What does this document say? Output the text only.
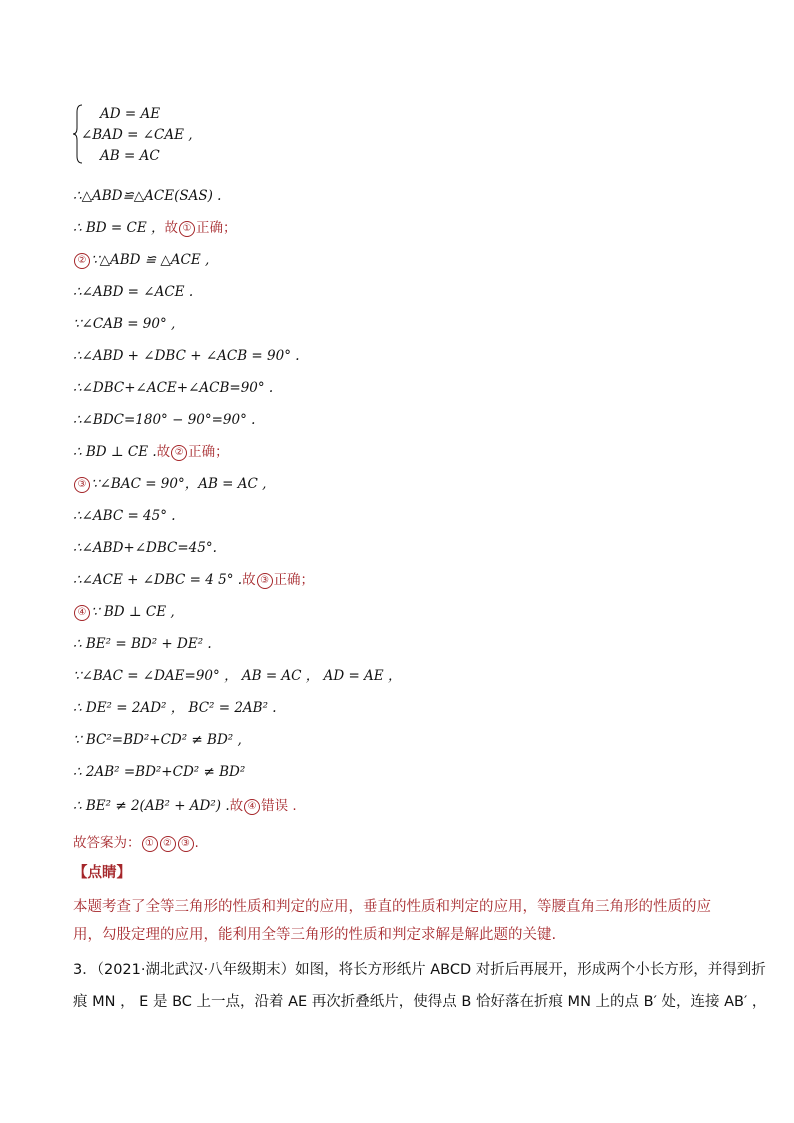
AD = AE
∠BAD = ∠CAE ,
AB = AC
∴△ABD≌△ACE(SAS) .
∴ BD = CE ，故 ① 正确；
② ∵△ABD ≌ △ACE ,
∴∠ABD = ∠ACE .
∵∠CAB = 90° ,
∴∠ABD + ∠DBC + ∠ACB = 90° .
∴∠DBC+∠ACE+∠ACB=90° .
∴∠BDC=180° − 90°=90° .
∴ BD ⊥ CE .故 ② 正确；
③ ∵∠BAC = 90°，AB = AC ,
∴∠ABC = 45° .
∴∠ABD+∠DBC=45°.
∴∠ACE + ∠DBC = 4 5° .故 ③ 正确；
④ ∵ BD ⊥ CE ,
∴ BE² = BD² + DE² .
∵∠BAC = ∠DAE=90° ， AB = AC ， AD = AE ，
∴ DE² = 2AD² ， BC² = 2AB² .
∵ BC²=BD²+CD² ≠ BD² ,
∴ 2AB² =BD²+CD² ≠ BD²
∴ BE² ≠ 2(AB² + AD²) .故 ④ 错误 .
故答案为： ① ② ③ .
【点睛】
本题考查了全等三角形的性质和判定的应用，垂直的性质和判定的应用，等腰直角三角形的性质的应用，勾股定理的应用，能利用全等三角形的性质和判定求解是解此题的关键.
3．（2021·湖北武汉·八年级期末）如图，将长方形纸片 ABCD 对折后再展开，形成两个小长方形，并得到折
痕 MN ， E 是 BC 上一点，沿着 AE 再次折叠纸片，使得点 B 恰好落在折痕 MN 上的点 B′ 处，连接 AB′ ，
